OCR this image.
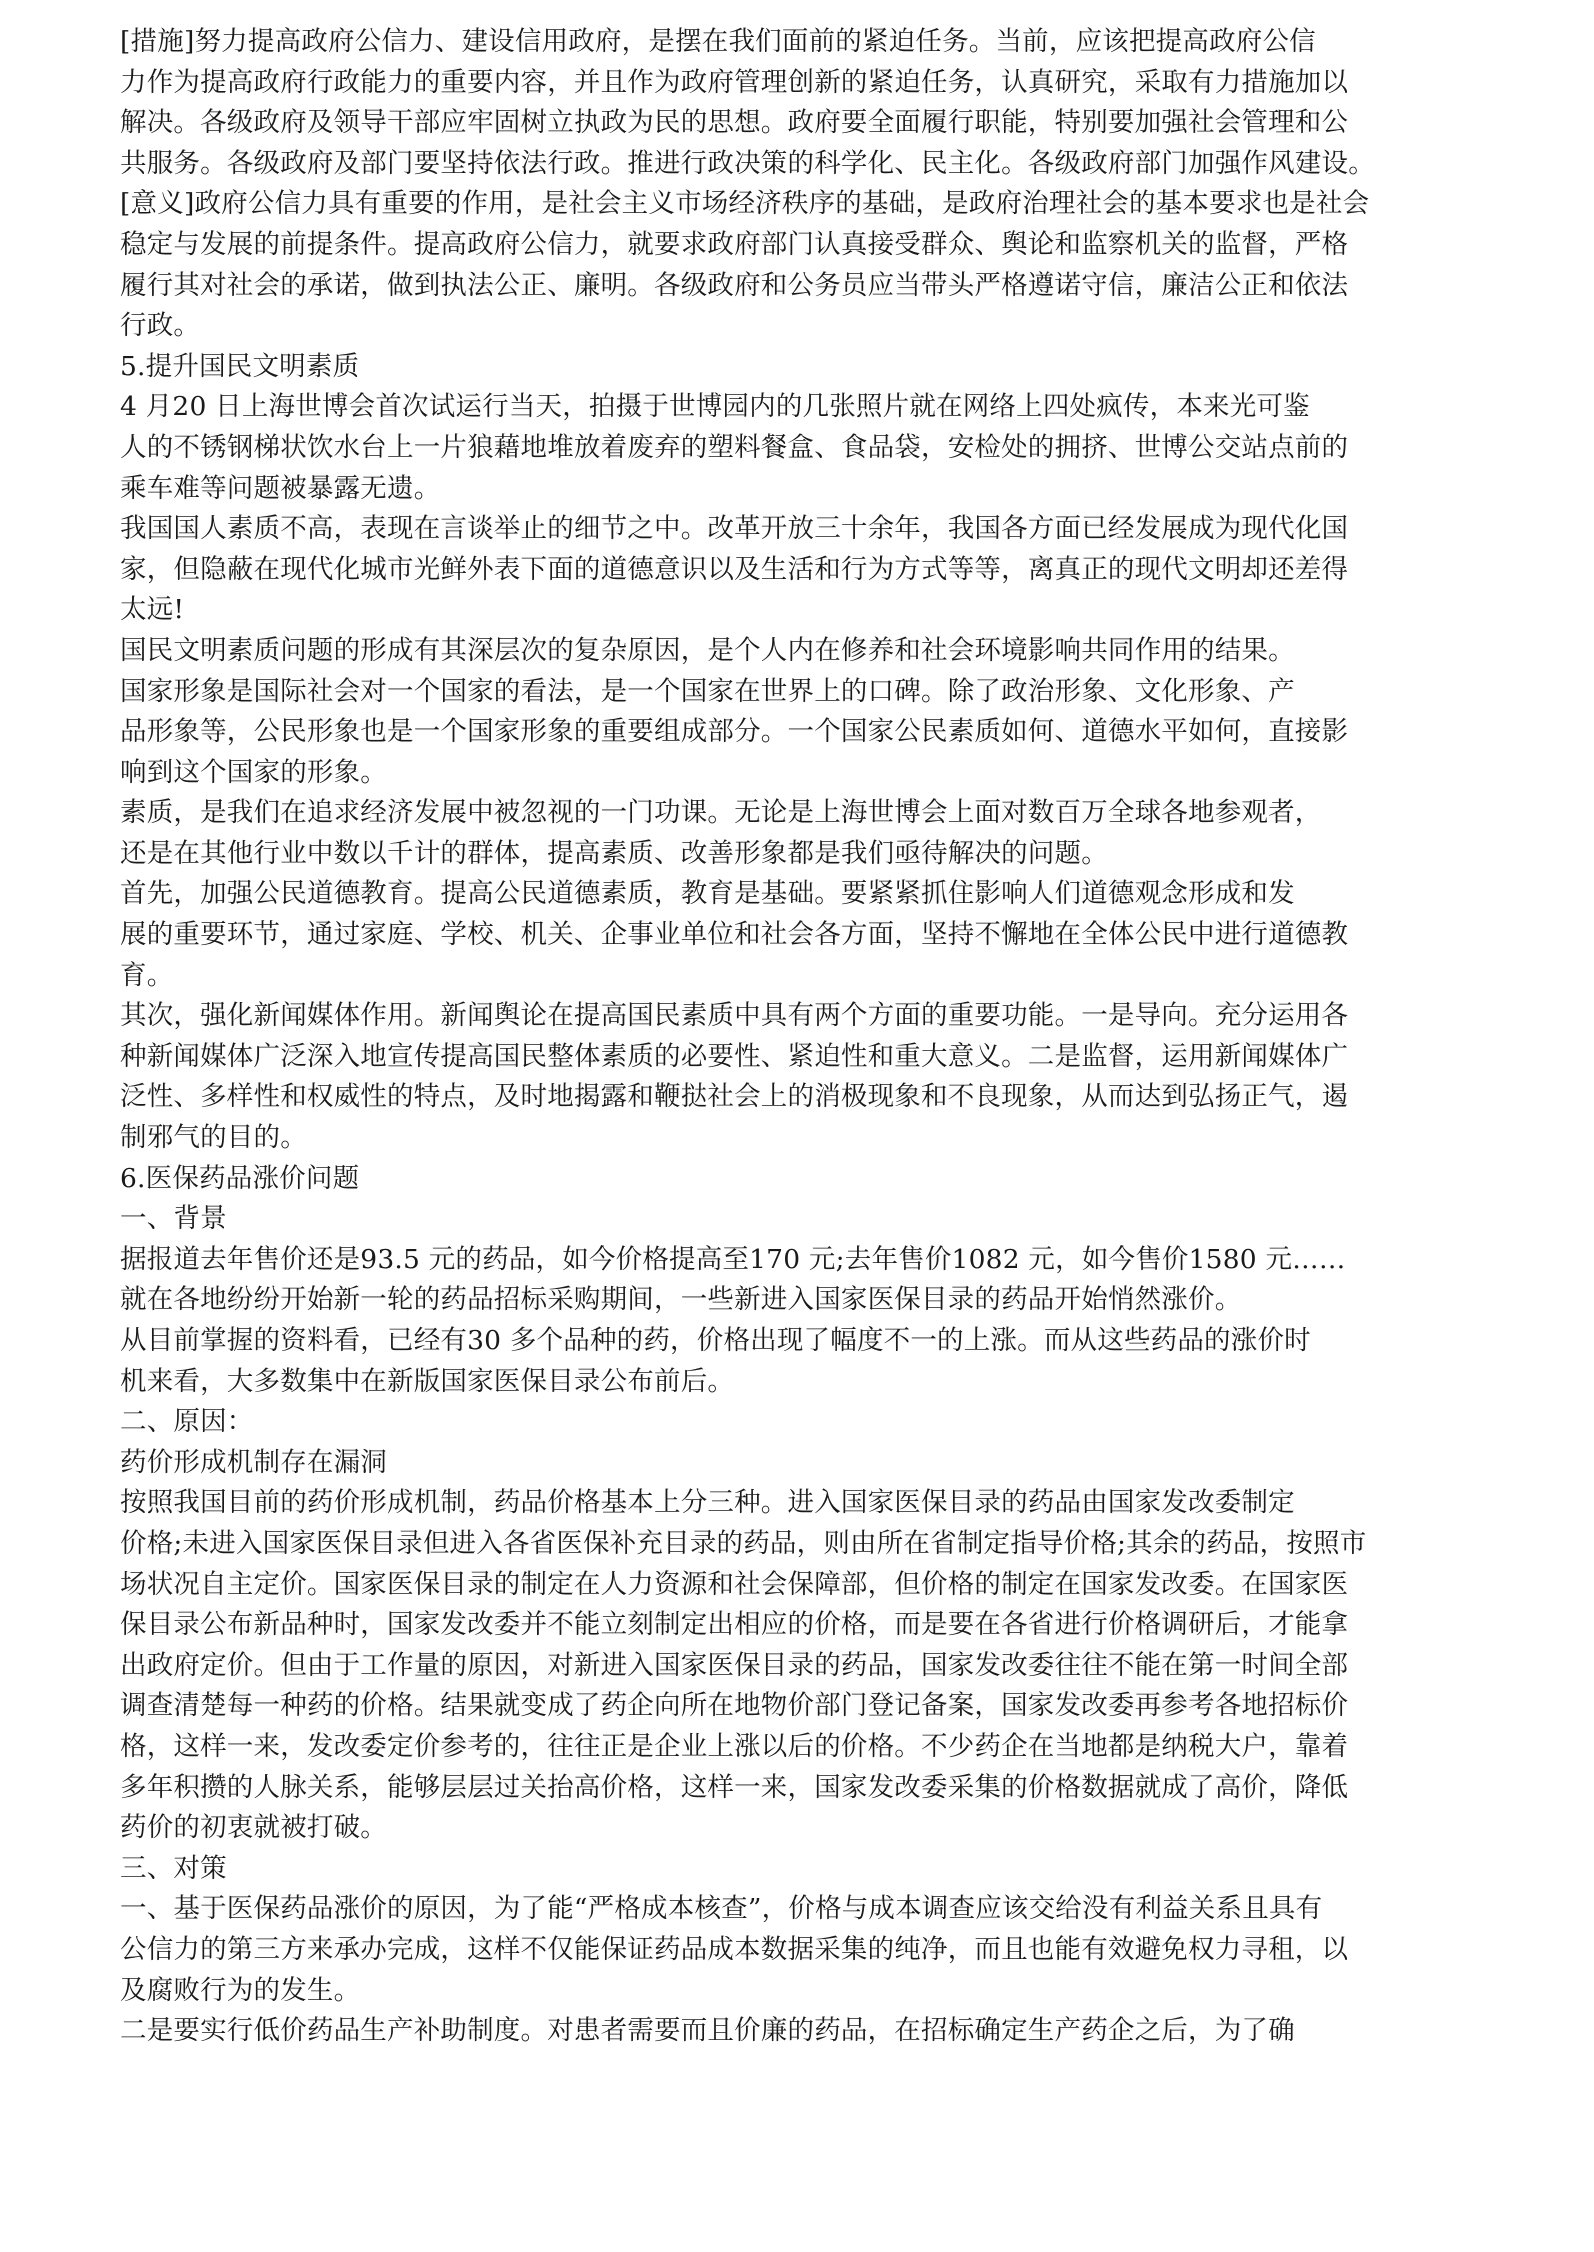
[措施]努力提高政府公信力、建设信用政府，是摆在我们面前的紧迫任务。当前，应该把提高政府公信
力作为提高政府行政能力的重要内容，并且作为政府管理创新的紧迫任务，认真研究，采取有力措施加以
解决。各级政府及领导干部应牢固树立执政为民的思想。政府要全面履行职能，特别要加强社会管理和公
共服务。各级政府及部门要坚持依法行政。推进行政决策的科学化、民主化。各级政府部门加强作风建设。
[意义]政府公信力具有重要的作用，是社会主义市场经济秩序的基础，是政府治理社会的基本要求也是社会
稳定与发展的前提条件。提高政府公信力，就要求政府部门认真接受群众、舆论和监察机关的监督，严格
履行其对社会的承诺，做到执法公正、廉明。各级政府和公务员应当带头严格遵诺守信，廉洁公正和依法
行政。
5.提升国民文明素质
4 月20 日上海世博会首次试运行当天，拍摄于世博园内的几张照片就在网络上四处疯传，本来光可鉴
人的不锈钢梯状饮水台上一片狼藉地堆放着废弃的塑料餐盒、食品袋，安检处的拥挤、世博公交站点前的
乘车难等问题被暴露无遗。
我国国人素质不高，表现在言谈举止的细节之中。改革开放三十余年，我国各方面已经发展成为现代化国
家，但隐蔽在现代化城市光鲜外表下面的道德意识以及生活和行为方式等等，离真正的现代文明却还差得
太远!
国民文明素质问题的形成有其深层次的复杂原因，是个人内在修养和社会环境影响共同作用的结果。
国家形象是国际社会对一个国家的看法，是一个国家在世界上的口碑。除了政治形象、文化形象、产
品形象等，公民形象也是一个国家形象的重要组成部分。一个国家公民素质如何、道德水平如何，直接影
响到这个国家的形象。
素质，是我们在追求经济发展中被忽视的一门功课。无论是上海世博会上面对数百万全球各地参观者，
还是在其他行业中数以千计的群体，提高素质、改善形象都是我们亟待解决的问题。
首先，加强公民道德教育。提高公民道德素质，教育是基础。要紧紧抓住影响人们道德观念形成和发
展的重要环节，通过家庭、学校、机关、企事业单位和社会各方面，坚持不懈地在全体公民中进行道德教
育。
其次，强化新闻媒体作用。新闻舆论在提高国民素质中具有两个方面的重要功能。一是导向。充分运用各
种新闻媒体广泛深入地宣传提高国民整体素质的必要性、紧迫性和重大意义。二是监督，运用新闻媒体广
泛性、多样性和权威性的特点，及时地揭露和鞭挞社会上的消极现象和不良现象，从而达到弘扬正气，遏
制邪气的目的。
6.医保药品涨价问题
一、背景
据报道去年售价还是93.5 元的药品，如今价格提高至170 元;去年售价1082 元，如今售价1580 元……
就在各地纷纷开始新一轮的药品招标采购期间，一些新进入国家医保目录的药品开始悄然涨价。
从目前掌握的资料看，已经有30 多个品种的药，价格出现了幅度不一的上涨。而从这些药品的涨价时
机来看，大多数集中在新版国家医保目录公布前后。
二、原因：
药价形成机制存在漏洞
按照我国目前的药价形成机制，药品价格基本上分三种。进入国家医保目录的药品由国家发改委制定
价格;未进入国家医保目录但进入各省医保补充目录的药品，则由所在省制定指导价格;其余的药品，按照市
场状况自主定价。国家医保目录的制定在人力资源和社会保障部，但价格的制定在国家发改委。在国家医
保目录公布新品种时，国家发改委并不能立刻制定出相应的价格，而是要在各省进行价格调研后，才能拿
出政府定价。但由于工作量的原因，对新进入国家医保目录的药品，国家发改委往往不能在第一时间全部
调查清楚每一种药的价格。结果就变成了药企向所在地物价部门登记备案，国家发改委再参考各地招标价
格，这样一来，发改委定价参考的，往往正是企业上涨以后的价格。不少药企在当地都是纳税大户，靠着
多年积攒的人脉关系，能够层层过关抬高价格，这样一来，国家发改委采集的价格数据就成了高价，降低
药价的初衷就被打破。
三、对策
一、基于医保药品涨价的原因，为了能“严格成本核查”，价格与成本调查应该交给没有利益关系且具有
公信力的第三方来承办完成，这样不仅能保证药品成本数据采集的纯净，而且也能有效避免权力寻租，以
及腐败行为的发生。
二是要实行低价药品生产补助制度。对患者需要而且价廉的药品，在招标确定生产药企之后，为了确
